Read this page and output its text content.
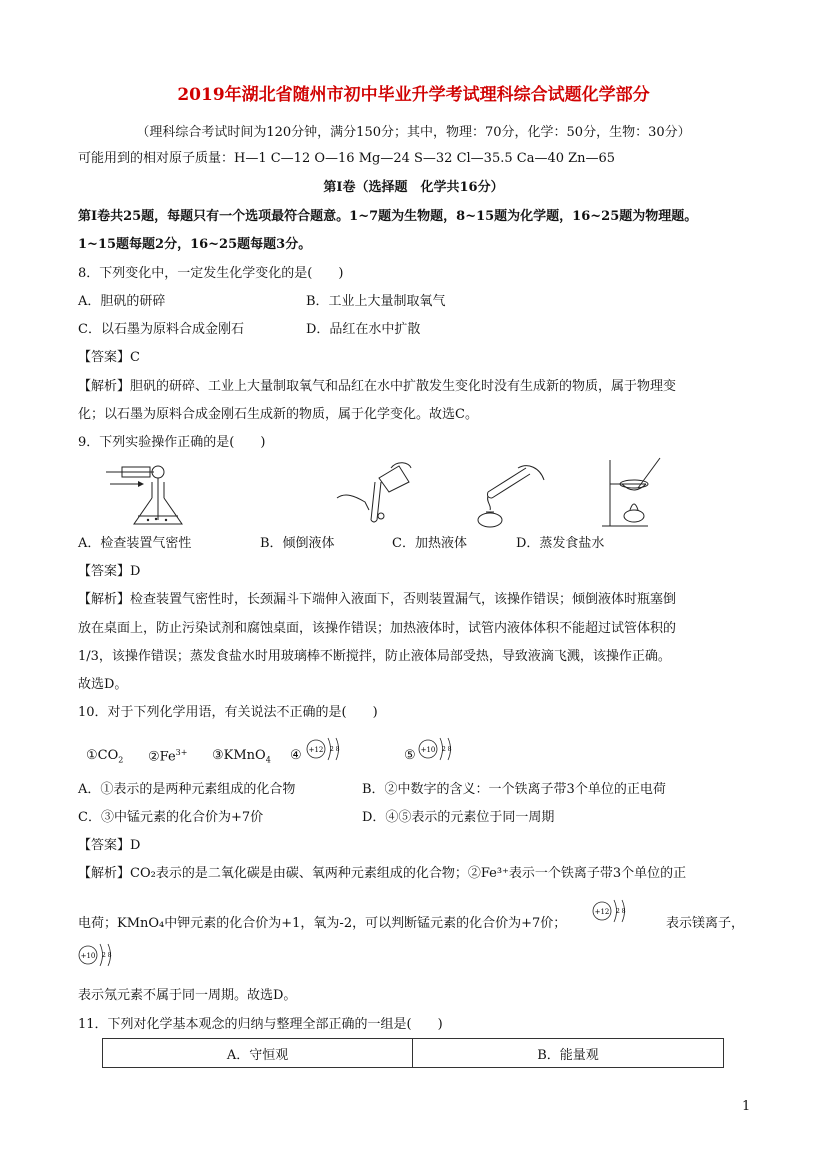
2019年湖北省随州市初中毕业升学考试理科综合试题化学部分
（理科综合考试时间为120分钟，满分150分；其中，物理：70分，化学：50分，生物：30分）
可能用到的相对原子质量：H—1 C—12 O—16 Mg—24 S—32 Cl—35.5 Ca—40 Zn—65
第Ⅰ卷（选择题　化学共16分）
第Ⅰ卷共25题，每题只有一个选项最符合题意。1~7题为生物题，8~15题为化学题，16~25题为物理题。
1~15题每题2分，16~25题每题3分。
8．下列变化中，一定发生化学变化的是(　　)
A．胆矾的研碎	B．工业上大量制取氧气
C．以石墨为原料合成金刚石	D．品红在水中扩散
【答案】C
【解析】胆矾的研碎、工业上大量制取氧气和品红在水中扩散发生变化时没有生成新的物质，属于物理变
化；以石墨为原料合成金刚石生成新的物质，属于化学变化。故选C。
9．下列实验操作正确的是(　　)
A．检查装置气密性	B．倾倒液体	C．加热液体	D．蒸发食盐水
【答案】D
【解析】检查装置气密性时，长颈漏斗下端伸入液面下，否则装置漏气，该操作错误；倾倒液体时瓶塞倒
放在桌面上，防止污染试剂和腐蚀桌面，该操作错误；加热液体时，试管内液体体积不能超过试管体积的
1/3，该操作错误；蒸发食盐水时用玻璃棒不断搅拌，防止液体局部受热，导致液滴飞溅，该操作正确。
故选D。
10．对于下列化学用语，有关说法不正确的是(　　)
$①CO_2$ $②Fe^{3+}$ ③KMnO$_4$ ④ +12 2 8	⑤ +10 2 8
A．①表示的是两种元素组成的化合物	B．②中数字的含义：一个铁离子带3个单位的正电荷
C．③中锰元素的化合价为+7价	D．④⑤表示的元素位于同一周期
【答案】D
【解析】CO₂表示的是二氧化碳是由碳、氧两种元素组成的化合物；②Fe³⁺表示一个铁离子带3个单位的正
电荷；KMnO₄中钾元素的化合价为+1，氧为-2，可以判断锰元素的化合价为+7价；
+12 2 8
表示镁离子，
+10 2 8
表示氖元素不属于同一周期。故选D。
11．下列对化学基本观念的归纳与整理全部正确的一组是(　　)
A．守恒观	B．能量观
1
